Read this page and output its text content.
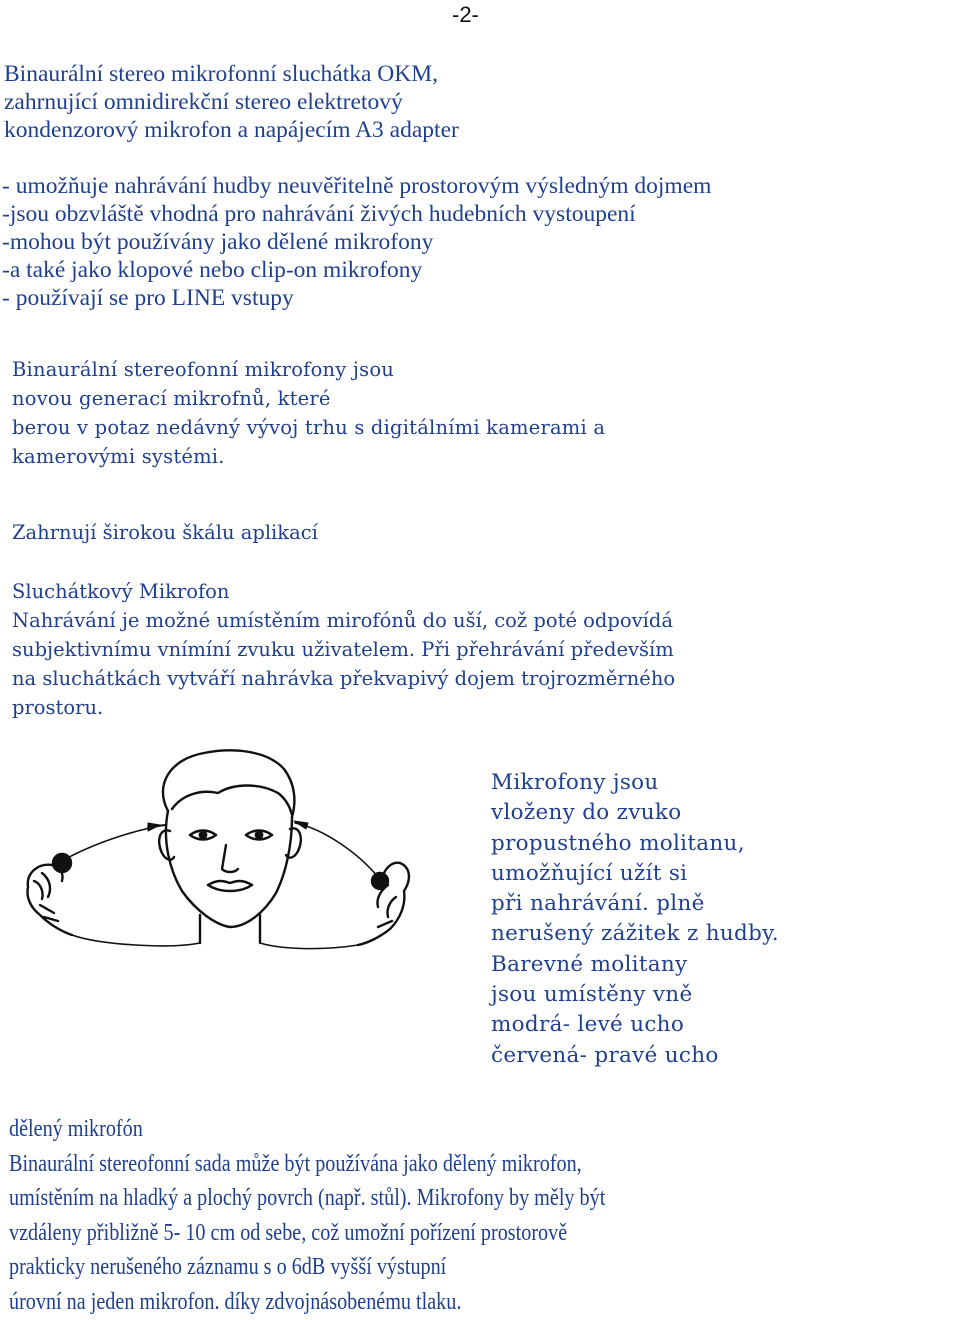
-2-
Binaurální stereo mikrofonní sluchátka OKM,
zahrnující omnidirekční stereo elektretový
kondenzorový mikrofon a napájecím A3 adapter
- umožňuje nahrávání hudby neuvěřitelně prostorovým výsledným dojmem
-jsou obzvláště vhodná pro nahrávání živých hudebních vystoupení
-mohou být používány jako dělené mikrofony
-a také jako klopové nebo clip-on mikrofony
- používají se pro LINE vstupy
Binaurální stereofonní mikrofony jsou
novou generací mikrofnů, které
berou v potaz nedávný vývoj trhu s digitálními kamerami a
kamerovými systémi.
Zahrnují širokou škálu aplikací
Sluchátkový Mikrofon
Nahrávání je možné umístěním mirofónů do uší, což poté odpovídá
subjektivnímu vnímíní zvuku uživatelem. Při přehrávání především
na sluchátkách vytváří nahrávka překvapivý dojem trojrozměrného
prostoru.
Mikrofony jsou
vloženy do zvuko
propustného molitanu,
umožňující užít si
při nahrávání. plně
nerušený zážitek z hudby.
Barevné molitany
jsou umístěny vně
modrá- levé ucho
červená- pravé ucho
dělený mikrofón
Binaurální stereofonní sada může být používána jako dělený mikrofon,
umístěním na hladký a plochý povrch (např. stůl). Mikrofony by měly být
vzdáleny přibližně 5- 10 cm od sebe, což umožní pořízení prostorově
prakticky nerušeného záznamu s o 6dB vyšší výstupní
úrovní na jeden mikrofon. díky zdvojnásobenému tlaku.
